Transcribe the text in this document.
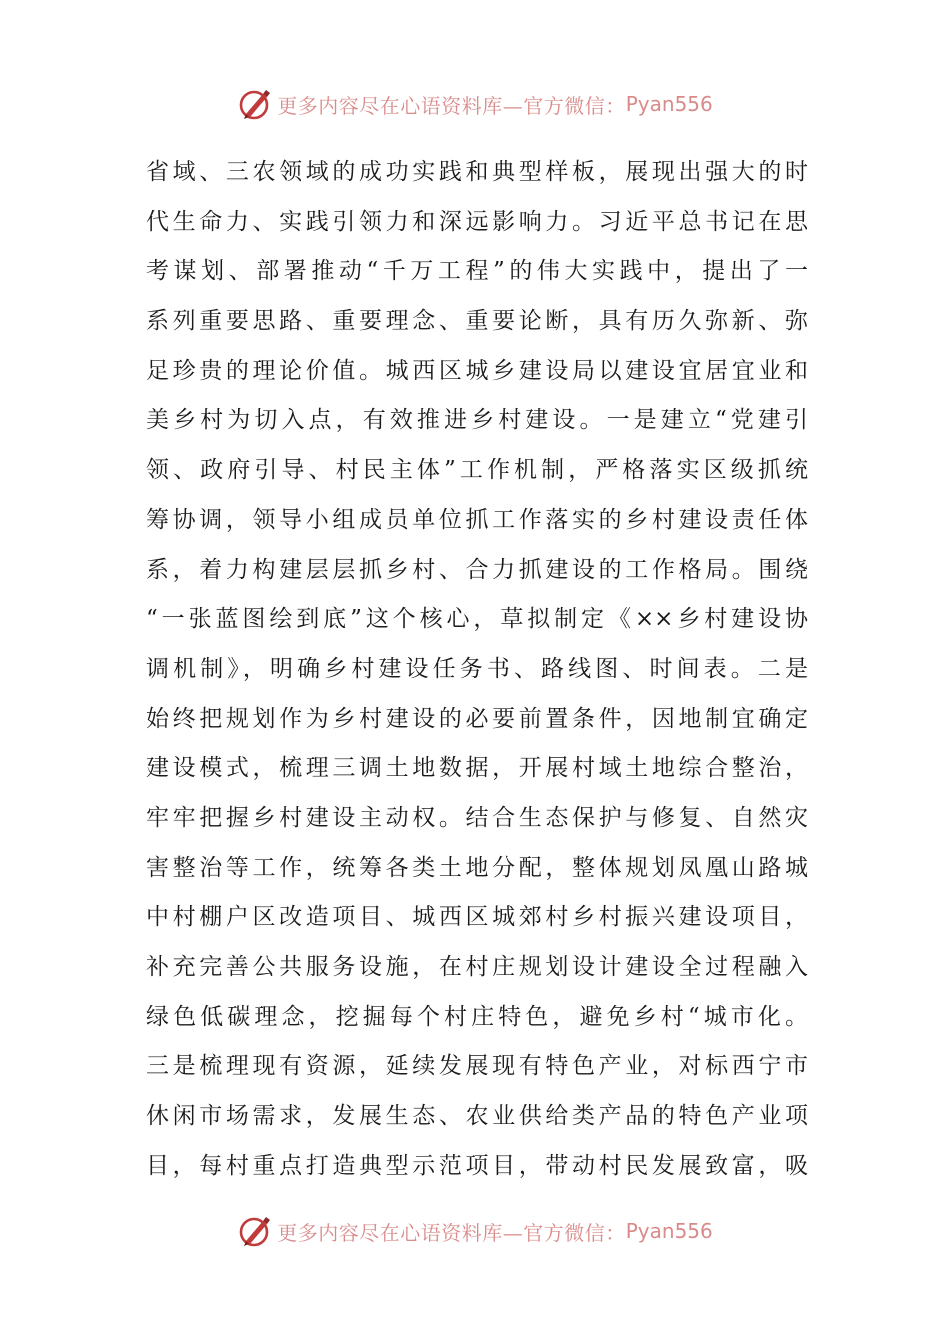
更多内容尽在心语资料库—官方微信： Pyan556
省域、三农领域的成功实践和典型样板，展现出强大的时
代生命力、实践引领力和深远影响力。习近平总书记在思
考谋划、部署推动“千万工程”的伟大实践中，提出了一
系列重要思路、重要理念、重要论断，具有历久弥新、弥
足珍贵的理论价值。城西区城乡建设局以建设宜居宜业和
美乡村为切入点，有效推进乡村建设。一是建立“党建引
领、政府引导、村民主体”工作机制，严格落实区级抓统
筹协调，领导小组成员单位抓工作落实的乡村建设责任体
系，着力构建层层抓乡村、合力抓建设的工作格局。围绕
“一张蓝图绘到底”这个核心，草拟制定《××乡村建设协
调机制》，明确乡村建设任务书、路线图、时间表。二是
始终把规划作为乡村建设的必要前置条件，因地制宜确定
建设模式，梳理三调土地数据，开展村域土地综合整治，
牢牢把握乡村建设主动权。结合生态保护与修复、自然灾
害整治等工作，统筹各类土地分配，整体规划凤凰山路城
中村棚户区改造项目、城西区城郊村乡村振兴建设项目，
补充完善公共服务设施，在村庄规划设计建设全过程融入
绿色低碳理念，挖掘每个村庄特色，避免乡村“城市化。
三是梳理现有资源，延续发展现有特色产业，对标西宁市
休闲市场需求，发展生态、农业供给类产品的特色产业项
目，每村重点打造典型示范项目，带动村民发展致富，吸
更多内容尽在心语资料库—官方微信： Pyan556
